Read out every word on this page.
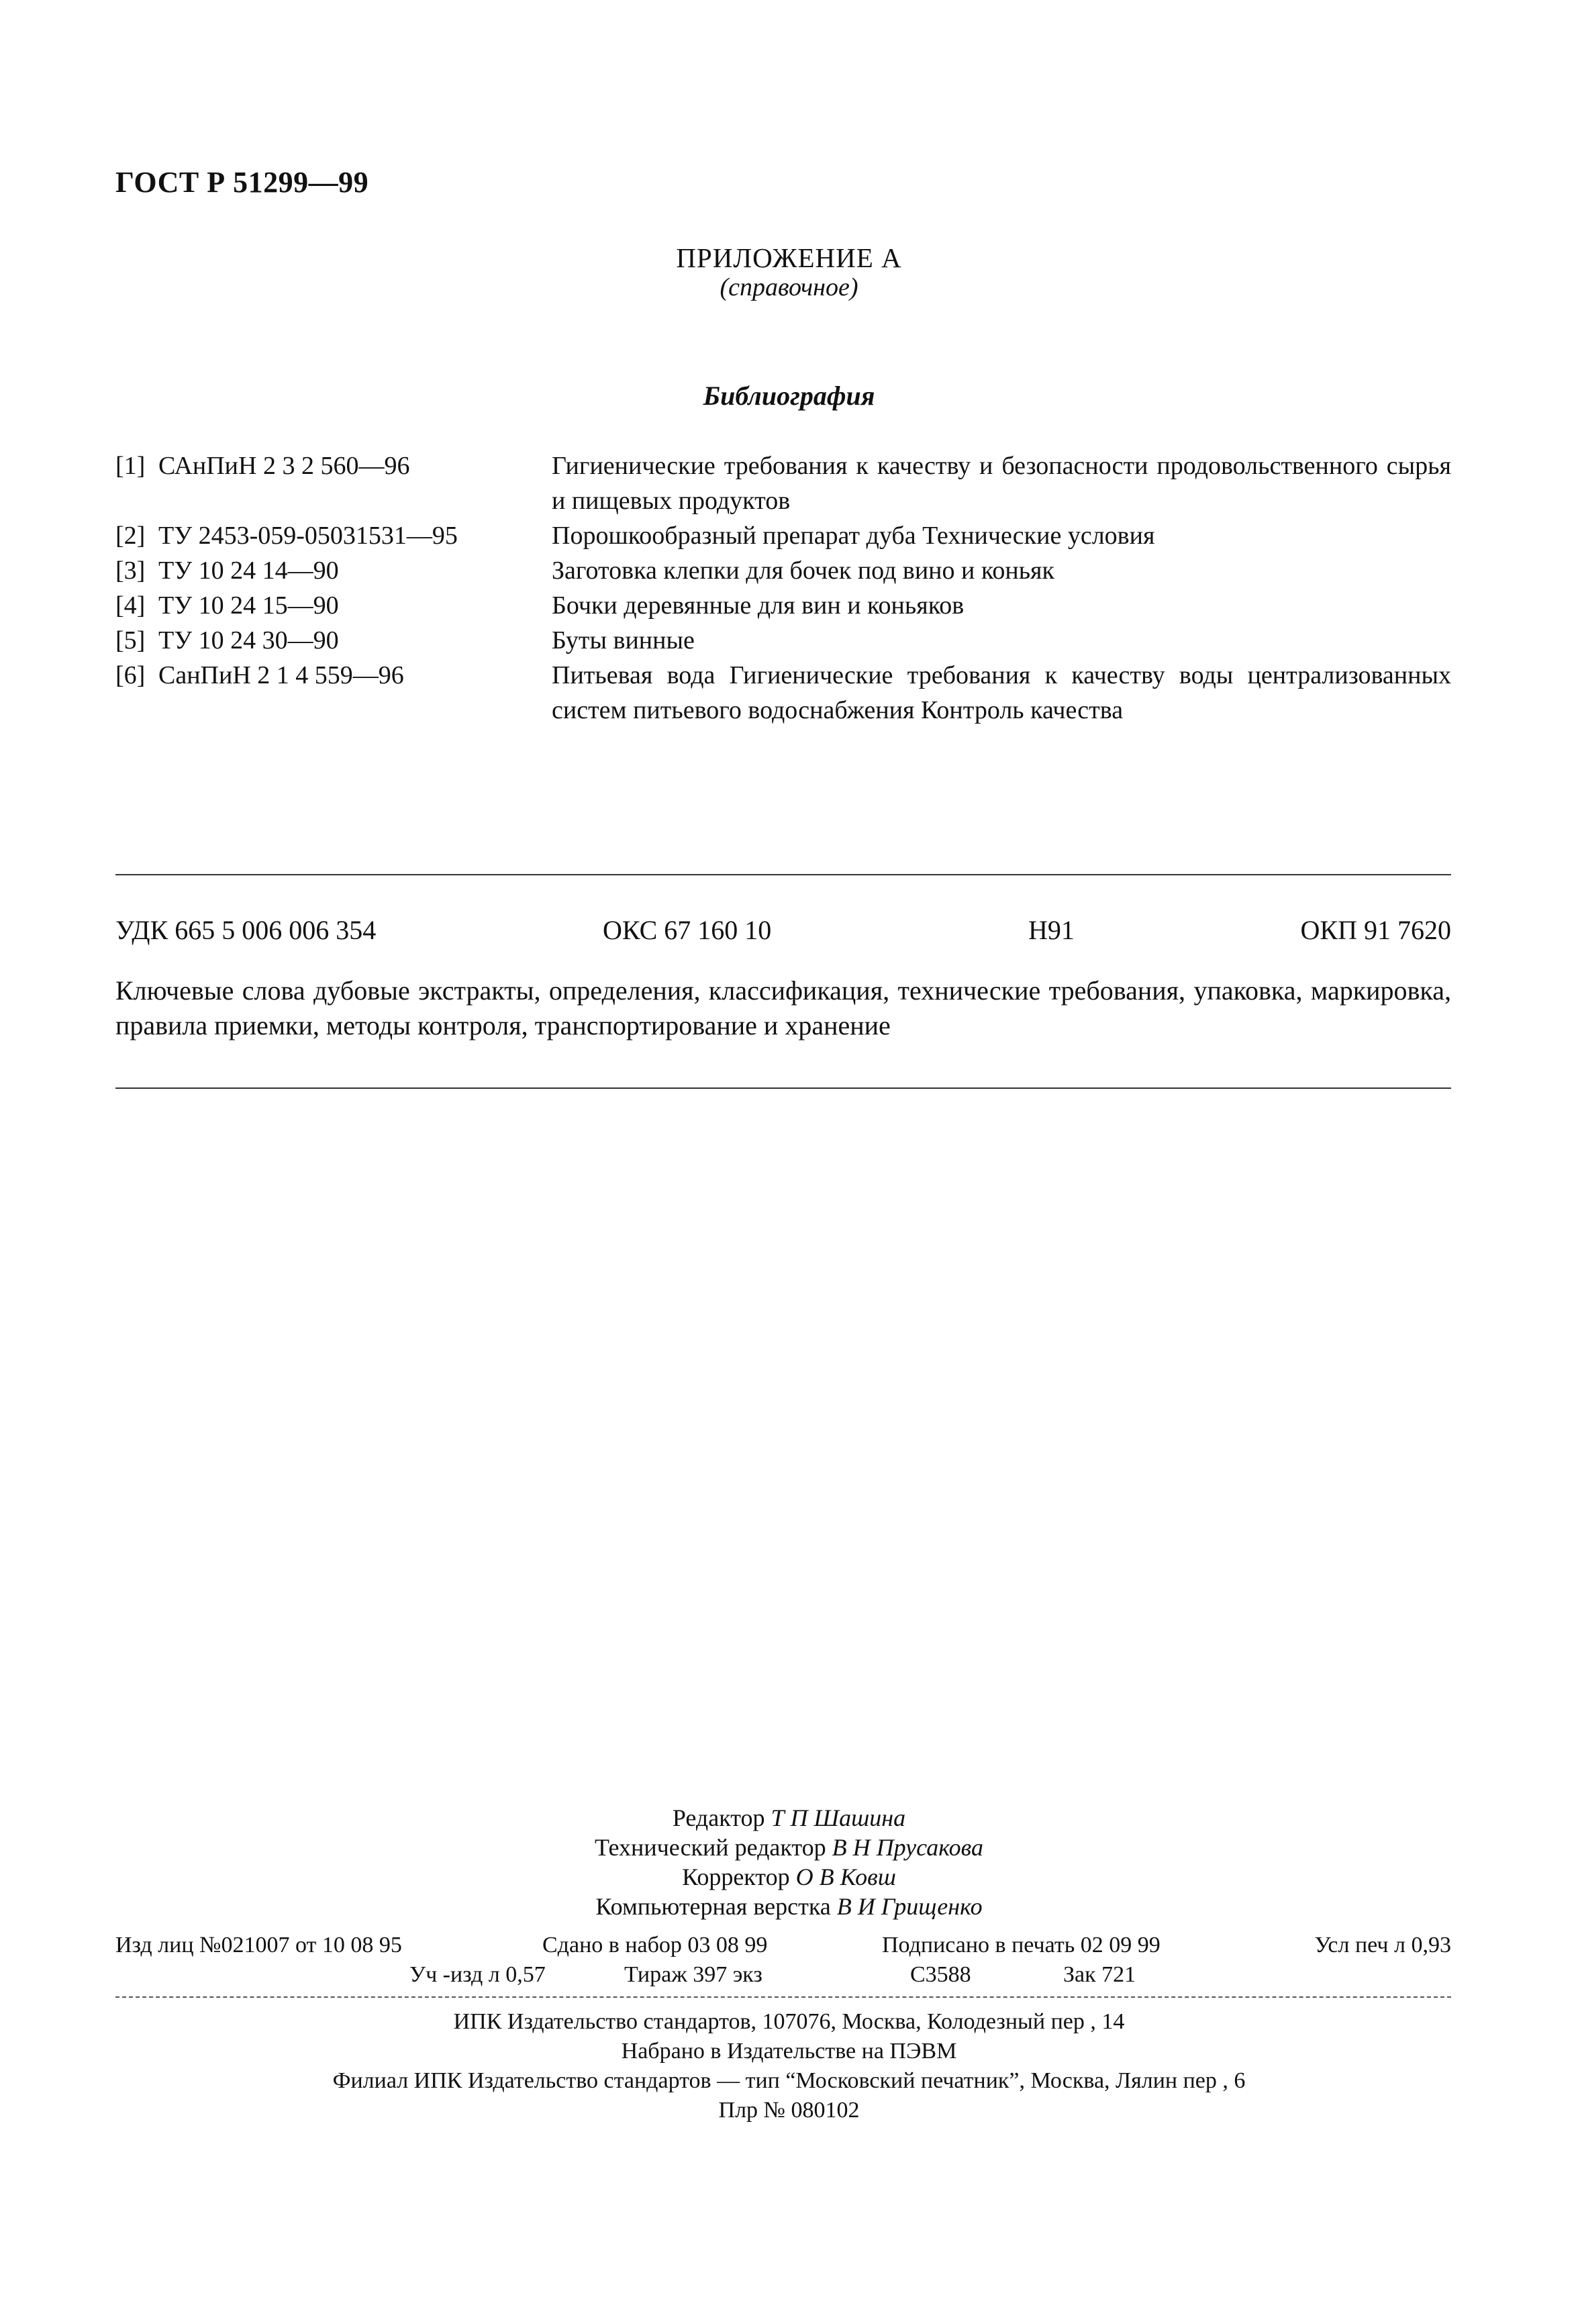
ГОСТ Р 51299—99
ПРИЛОЖЕНИЕ А
(справочное)
Библиография
[1] САнПиН 2 3 2 560—96	Гигиенические требования к качеству и безопасности продовольственного сырья и пищевых продуктов
[2] ТУ 2453-059-05031531—95	Порошкообразный препарат дуба Технические условия
[3] ТУ 10 24 14—90	Заготовка клепки для бочек под вино и коньяк
[4] ТУ 10 24 15—90	Бочки деревянные для вин и коньяков
[5] ТУ 10 24 30—90	Буты винные
[6] СанПиН 2 1 4 559—96	Питьевая вода Гигиенические требования к качеству воды централизованных систем питьевого водоснабжения Контроль качества
УДК 665 5 006 006 354	ОКС 67 160 10	Н91	ОКП 91 7620
Ключевые слова дубовые экстракты, определения, классификация, технические требования, упаковка, маркировка, правила приемки, методы контроля, транспортирование и хранение
Редактор Т П Шашина
Технический редактор В Н Прусакова
Корректор О В Ковш
Компьютерная верстка В И Грищенко
Изд лиц №021007 от 10 08 95	Сдано в набор 03 08 99	Подписано в печать 02 09 99	Усл печ л 0,93
Уч -изд л 0,57	Тираж 397 экз	С3588	Зак 721
ИПК Издательство стандартов, 107076, Москва, Колодезный пер , 14
Набрано в Издательстве на ПЭВМ
Филиал ИПК Издательство стандартов — тип “Московский печатник”, Москва, Лялин пер , 6
Плр № 080102
